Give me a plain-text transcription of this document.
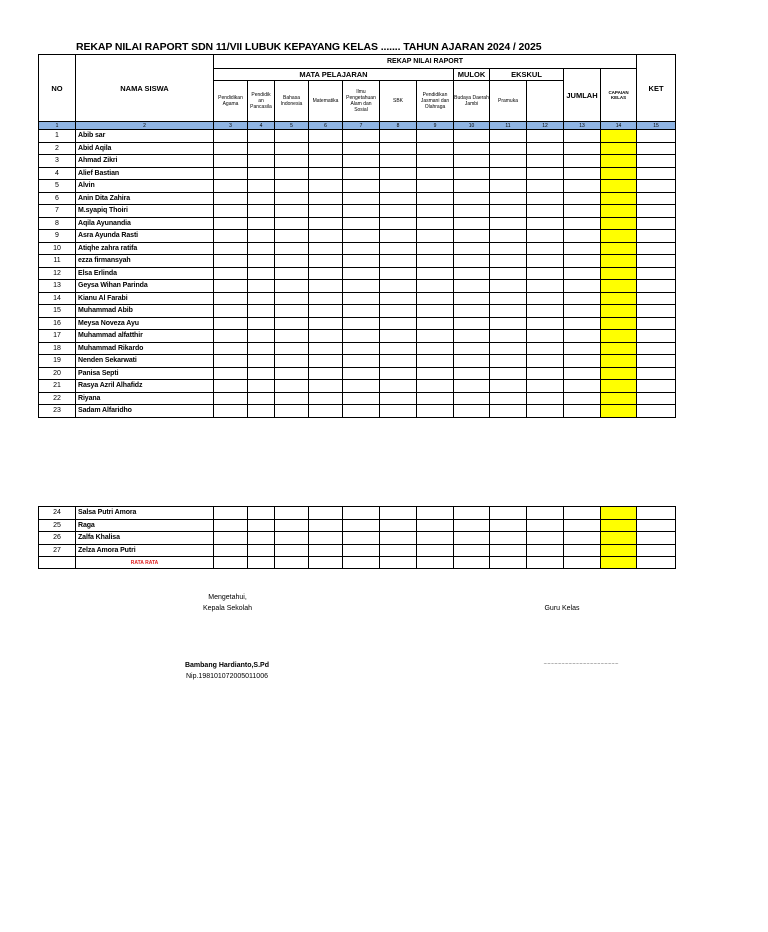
REKAP NILAI RAPORT SDN 11/VII LUBUK KEPAYANG KELAS ....... TAHUN AJARAN 2024 / 2025
NO	NAMA SISWA	REKAP NILAI RAPORT												KET
		MATA PELAJARAN							MULOK	EKSKUL		JUMLAH	CAPAIAN KELAS	
		Pendidikan Agama	Pendidik an Pancasila	Bahasa Indonesia	Matematika	Ilmu Pengetahuan Alam dan Sosial	SBK	Pendidikan Jasmani dan Olahraga	Budaya Daerah Jambi	Pramuka				
1	2	3	4	5	6	7	8	9	10	11	12	13	14	15
1	Abib sar													
2	Abid Aqila													
3	Ahmad Zikri													
4	Alief Bastian													
5	Alvin													
6	Anin Dita Zahira													
7	M.syapiq Thoiri													
8	Aqila Ayunandia													
9	Asra Ayunda Rasti													
10	Atiqhe zahra ratifa													
11	ezza firmansyah													
12	Elsa Erlinda													
13	Geysa Wihan Parinda													
14	Kianu Al Farabi													
15	Muhammad Abib													
16	Meysa Noveza Ayu													
17	Muhammad alfatthir													
18	Muhammad Rikardo													
19	Nenden Sekarwati													
20	Panisa Septi													
21	Rasya Azril Alhafidz													
22	Riyana													
23	Sadam Alfaridho													
24	Salsa Putri Amora													
25	Raga													
26	Zalfa Khalisa													
27	Zelza Amora Putri													
	RATA RATA													
Mengetahui,
Kepala Sekolah	Guru Kelas
Bambang Hardianto,S.Pd
Nip.198101072005011006
......................................................
